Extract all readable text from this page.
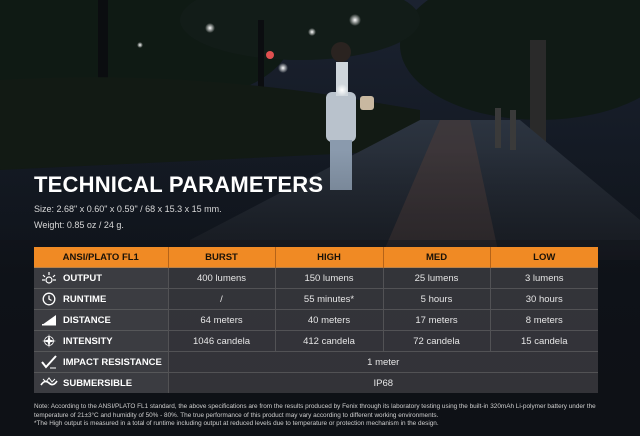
TECHNICAL PARAMETERS
Size: 2.68" x 0.60" x 0.59" / 68 x 15.3 x 15 mm.
Weight: 0.85 oz / 24 g.
ANSI/PLATO FL1	BURST	HIGH	MED	LOW

OUTPUT	400 lumens	150 lumens	25 lumens	3 lumens

RUNTIME	/	55 minutes*	5 hours	30 hours

DISTANCE	64 meters	40 meters	17 meters	8 meters

INTENSITY	1046 candela	412 candela	72 candela	15 candela

IMPACT RESISTANCE	1 meter			

SUBMERSIBLE	IP68			
Note: According to the ANSI/PLATO FL1 standard, the above specifications are from the results produced by Fenix through its laboratory testing using the built-in 320mAh Li-polymer battery under the temperature of 21±3°C and humidity of 50% - 80%. The true performance of this product may vary according to different working environments.
*The High output is measured in a total of runtime including output at reduced levels due to temperature or protection mechanism in the design.
